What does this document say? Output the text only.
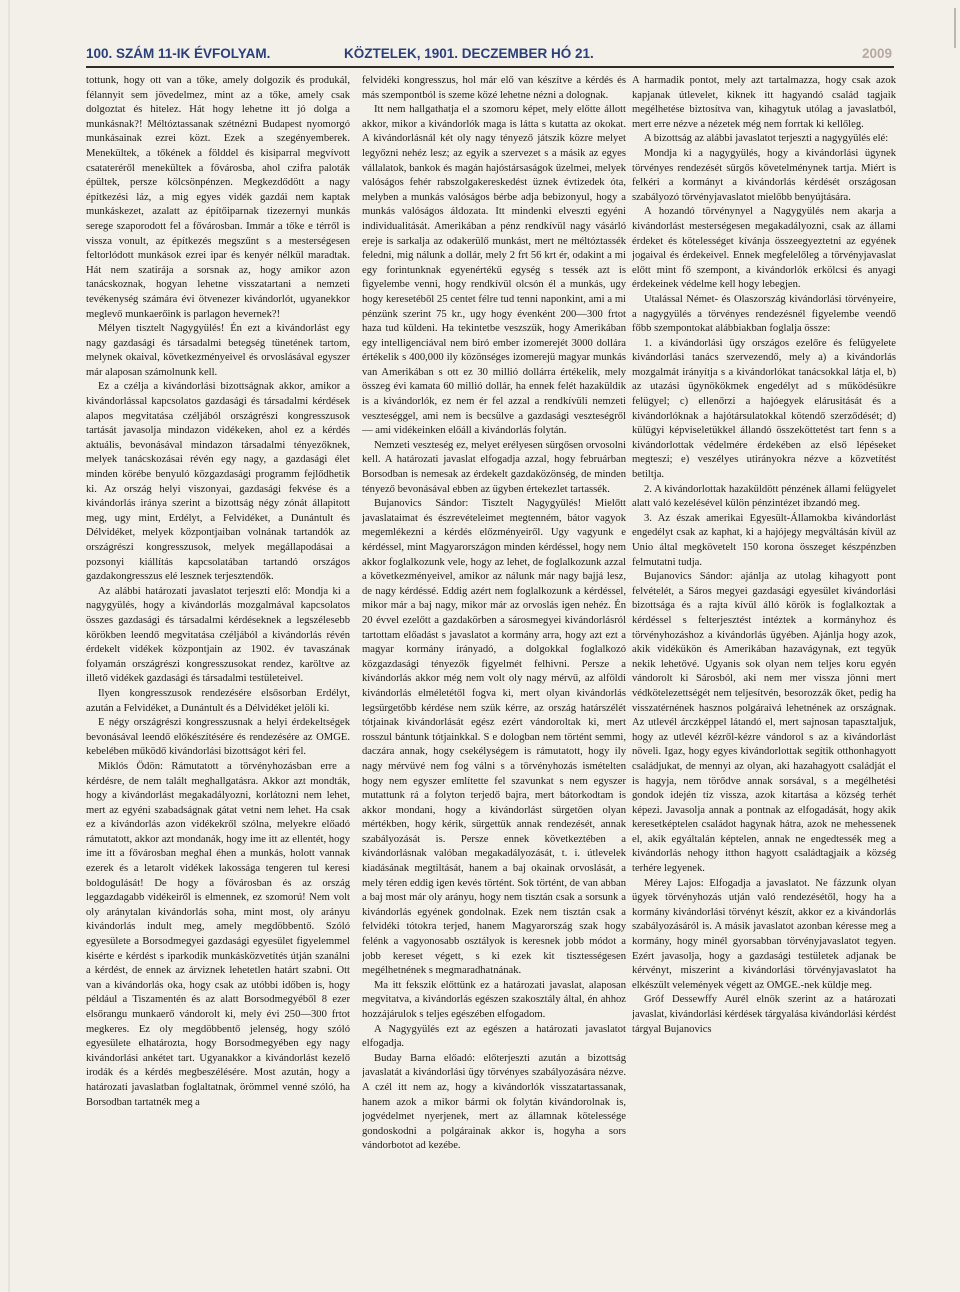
100. SZÁM 11-IK ÉVFOLYAM.	KÖZTELEK, 1901. DECZEMBER HÓ 21.	2009

tottunk, hogy ott van a tőke, amely dolgozik és produkál, félannyit sem jövedelmez, mint az a tőke, amely csak dolgoztat és hitelez. Hát hogy lehetne itt jó dolga a munkásnak?! Méltóztassanak szétnézni Budapest nyomorgó munkásainak ezrei közt. Ezek a szegényemberek. Menekültek, a tőkének a földdel és kisiparral megvívott csatateréről menekültek a fővárosba, ahol czifra paloták épültek, persze kölcsönpénzen. Megkezdődött a nagy építkezési láz, a mig egyes vidék gazdái nem kaptak munkáskezet, azalatt az építőiparnak tizezernyi munkás serege szaporodott fel a fővárosban. Immár a tőke e térről is vissza vonult, az építkezés megszűnt s a mesterségesen feltorlódott munkások ezrei ipar és kenyér nélkül maradtak. Hát nem szatirája a sorsnak az, hogy amikor azon tanácskoznak, hogyan lehetne visszatartani a nemzeti tevékenység számára évi ötvenezer kivándorlót, ugyanekkor meglevő munkaerőink is parlagon hevernek?!

Mélyen tisztelt Nagygyülés! Én ezt a kivándorlást egy nagy gazdasági és társadalmi betegség tünetének tartom, melynek okaival, következményeivel és orvoslásával egyszer már alaposan számolnunk kell.

Ez a czélja a kivándorlási bizottságnak akkor, amikor a kivándorlással kapcsolatos gazdasági és társadalmi kérdések alapos megvitatása czéljából országrészi kongresszusok tartását javasolja mindazon vidékeken, ahol ez a kérdés aktuális, bevonásával mindazon társadalmi tényezőknek, melyek tanácskozásai révén egy nagy, a gazdasági élet minden körébe benyuló közgazdasági programm fejlődhetik ki. Az ország helyi viszonyai, gazdasági fekvése és a kivándorlás iránya szerint a bizottság négy zónát állapitott meg, ugy mint, Erdélyt, a Felvidéket, a Dunántult és Délvidéket, melyek központjaiban volnának tartandók az országrészi kongresszusok, melyek megállapodásai a pozsonyi kiállítás kapcsolatában tartandó országos gazdakongresszus elé lesznek terjesztendők.

Az alábbi határozati javaslatot terjeszti elő: Mondja ki a nagygyülés, hogy a kivándorlás mozgalmával kapcsolatos összes gazdasági és társadalmi kérdéseknek a legszélesebb körökben leendő megvitatása czéljából a kivándorlás révén érdekelt vidékek központjain az 1902. év tavaszának folyamán országrészi kongresszusokat rendez, karöltve az illető vidékek gazdasági és társadalmi testületeivel.

Ilyen kongresszusok rendezésére elsősorban Erdélyt, azután a Felvidéket, a Dunántult és a Délvidéket jelöli ki.

E négy országrészi kongresszusnak a helyi érdekeltségek bevonásával leendő előkészítésére és rendezésére az OMGE. kebelében működő kivándorlási bizottságot kéri fel.

Miklós Ödön: Rámutatott a törvényhozásban erre a kérdésre, de nem talált meghallgatásra. Akkor azt mondták, hogy a kivándorlást megakadályozni, korlátozni nem lehet, mert az egyéni szabadságnak gátat vetni nem lehet. Ha csak ez a kivándorlás azon vidékekről szólna, melyekre előadó rámutatott, akkor azt mondanák, hogy ime itt az ellentét, hogy ime itt a fővárosban meghal éhen a munkás, holott vannak ezerek és a letarolt vidékek lakossága tengeren tul keresi boldogulását! De hogy a fővárosban és az ország leggazdagabb vidékeiről is elmennek, ez szomorú! Nem volt oly aránytalan kivándorlás soha, mint most, oly arányu kivándorlás indult meg, amely megdöbbentő. Szóló egyesülete a Borsodmegyei gazdasági egyesület figyelemmel kisérte e kérdést s iparkodik munkásközvetítés útján szanálni a kérdést, de ennek az árviznek lehetetlen határt szabni. Ott van a kivándorlás oka, hogy csak az utóbbi időben is, hogy például a Tiszamentén és az alatt Borsodmegyéből 8 ezer elsőrangu munkaerő vándorolt ki, mely évi 250—300 frtot megkeres. Ez oly megdöbbentő jelenség, hogy szóló egyesülete elhatározta, hogy Borsodmegyében egy nagy kivándorlási ankétet tart. Ugyanakkor a kivándorlást kezelő irodák és a kérdés megbeszélésére. Most azután, hogy a határozati javaslatban foglaltatnak, örömmel venné szóló, ha Borsodban tartatnék meg a

felvidéki kongresszus, hol már elő van készítve a kérdés és más szempontból is szeme közé lehetne nézni a dolognak.

Itt nem hallgathatja el a szomoru képet, mely előtte állott akkor, mikor a kivándorlók maga is látta s kutatta az okokat. A kivándorlásnál két oly nagy tényező játszik közre melyet legyőzni nehéz lesz; az egyik a szervezet s a másik az egyes vállalatok, bankok és magán hajóstársaságok üzelmei, melyek valóságos fehér rabszolgakereskedést üznek évtizedek óta, melyben a munkás valóságos bérbe adja bebizonyul, hogy a munkás valóságos áldozata. Itt mindenki elveszti egyéni individualitását. Amerikában a pénz rendkívül nagy vásárló ereje is sarkalja az odakerülő munkást, mert ne méltóztassék feledni, mig nálunk a dollár, mely 2 frt 56 krt ér, odakint a mi egy forintunknak egyenértékű egység s tessék azt is figyelembe venni, hogy rendkívül olcsón él a munkás, ugy hogy keresetéből 25 centet félre tud tenni naponkint, ami a mi pénzünk szerint 75 kr., ugy hogy évenként 200—300 frtot haza tud küldeni. Ha tekintetbe veszszük, hogy Amerikában egy intelligenciával nem biró ember izomerejét 3000 dollára értékelik s 400,000 ily közönséges izomerejü magyar munkás van Amerikában s ott ez 30 millió dollárra értékelik, mely összeg évi kamata 60 millió dollár, ha ennek felét hazaküldik is a kivándorlók, ez nem ér fel azzal a rendkívüli nemzeti veszteséggel, ami nem is becsülve a gazdasági veszteségről — ami vidékeinken előáll a kivándorlás folytán.

Nemzeti veszteség ez, melyet erélyesen sürgősen orvosolni kell. A határozati javaslat elfogadja azzal, hogy februárban Borsodban is nemesak az érdekelt gazdaközönség, de minden tényező bevonásával ebben az ügyben értekezlet tartassék.

Bujanovics Sándor: Tisztelt Nagygyülés! Mielőtt javaslataimat és észrevételeimet megtenném, bátor vagyok megemlékezni a kérdés előzményeiről. Ugy vagyunk e kérdéssel, mint Magyarországon minden kérdéssel, hogy nem akkor foglalkozunk vele, hogy az lehet, de foglalkozunk azzal a következményeivel, amikor az nálunk már nagy bajjá lesz, de nagy kérdéssé. Eddig azért nem foglalkozunk a kérdéssel, mikor már a baj nagy, mikor már az orvoslás igen nehéz. Én 20 évvel ezelőtt a gazdakörben a sárosmegyei kivándorlásról tartottam előadást s javaslatot a kormány arra, hogy azt ezt a magyar kormány irányadó, a dolgokkal foglalkozó közgazdasági tényezők figyelmét felhivni. Persze a kivándorlás akkor még nem volt oly nagy mérvű, az alföldi kivándorlás elméletétől fogva ki, mert olyan kivándorlás legsürgetőbb kérdése nem szük kérre, az ország határszélét tótjainak kivándorlását egész ezért vándoroltak ki, mert rosszul bántunk tótjainkkal. S e dologban nem történt semmi, daczára annak, hogy csekélységem is rámutatott, hogy ily nagy mérvüvé nem fog válni s a törvényhozás ismételten hogy nem egyszer említette fel szavunkat s nem egyszer mutattunk rá a folyton terjedő bajra, mert bátorkodtam is akkor mondani, hogy a kivándorlást sürgetően olyan mértékben, hogy kérik, sürgettük annak rendezését, annak szabályozását is. Persze ennek következtében a kivándorlásnak valóban megakadályozását, t. i. útlevelek kiadásának megtiltását, hanem a baj okainak orvoslását, a mely téren eddig igen kevés történt. Sok történt, de van abban a baj most már oly arányu, hogy nem tisztán csak a sorsunk a kivándorlás egyének gondolnak. Ezek nem tisztán csak a felvidéki tótokra terjed, hanem Magyarország szak hogy felénk a vagyonosabb osztályok is keresnek jobb módot a jobb kereset végett, s ki ezek kit tisztességesen megélhetnének s megmaradhatnának.

Ma itt fekszik előttünk ez a határozati javaslat, alaposan megvitatva, a kivándorlás egészen szakosztály által, én ahhoz hozzájárulok s teljes egészében elfogadom.

A Nagygyülés ezt az egészen a határozati javaslatot elfogadja.

Buday Barna előadó: előterjeszti azután a bizottság javaslatát a kivándorlási ügy törvényes szabályozására nézve. A czél itt nem az, hogy a kivándorlók visszatartassanak, hanem azok a mikor bármi ok folytán kivándorolnak is, jogvédelmet nyerjenek, mert az államnak kötelessége gondoskodni a polgárainak akkor is, hogyha a sors vándorbotot ad kezébe.

A harmadik pontot, mely azt tartalmazza, hogy csak azok kapjanak útlevelet, kiknek itt hagyandó család tagjaik megélhetése biztosítva van, kihagytuk utólag a javaslatból, mert erre nézve a nézetek még nem forrtak ki kellőleg.

A bizottság az alábbi javaslatot terjeszti a nagygyülés elé:

Mondja ki a nagygyülés, hogy a kivándorlási ügynek törvényes rendezését sürgős követelménynek tartja. Miért is felkéri a kormányt a kivándorlás kérdését országosan szabályozó törvényjavaslatot mielőbb benyújtására.

A hozandó törvénynyel a Nagygyülés nem akarja a kivándorlást mesterségesen megakadályozni, csak az állami érdeket és kötelességet kívánja összeegyeztetni az egyének jogaival és érdekeivel. Ennek megfelelőleg a törvényjavaslat előtt mint fő szempont, a kivándorlók erkölcsi és anyagi érdekeinek védelme kell hogy lebegjen.

Utalással Német- és Olaszország kivándorlási törvényeire, a nagygyülés a törvényes rendezésnél figyelembe veendő főbb szempontokat alábbiakban foglalja össze:

1. a kivándorlási ügy országos ezelőre és felügyelete kivándorlási tanács szervezendő, mely a) a kivándorlás mozgalmát irányítja s a kivándorlókat tanácsokkal látja el, b) az utazási ügynökökmek engedélyt ad s működésükre felügyel; c) ellenőrzi a hajóegyek elárusitását és a kivándorlóknak a hajótársulatokkal kötendő szerződését; d) külügyi képviseletükkel állandó összeköttetést tart fenn s a kivándorlottak védelmére érdekében az első lépéseket megteszi; e) veszélyes utirányokra nézve a közvetítést betiltja.

2. A kivándorlottak hazaküldött pénzének állami felügyelet alatt való kezelésével külön pénzintézet ibzandó meg.

3. Az észak amerikai Egyesült-Államokba kivándorlást engedélyt csak az kaphat, ki a hajójegy megváltásán kívül az Unio által megkövetelt 150 korona összeget készpénzben felmutatni tudja.

Bujanovics Sándor: ajánlja az utolag kihagyott pont felvételét, a Sáros megyei gazdasági egyesület kivándorlási bizottsága és a rajta kívül álló körök is foglalkoztak a kérdéssel s felterjesztést intéztek a kormányhoz és törvényhozáshoz a kivándorlás ügyében. Ajánlja hogy azok, akik vidékükön és Amerikában hazavágynak, ezt tegyük nekik lehetővé. Ugyanis sok olyan nem teljes koru egyén vándorolt ki Sárosból, aki nem mer vissza jönni mert védkötelezettségét nem teljesítvén, besorozzák őket, pedig ha visszatérnének hasznos polgáraivá lehetnének az országnak. Az utlevél árczképpel látandó el, mert sajnosan tapasztaljuk, hogy az utlevél kézről-kézre vándorol s az a kivándorlást növeli. Igaz, hogy egyes kivándorlottak segítik otthonhagyott családjukat, de mennyi az olyan, aki hazahagyott családját el is hagyja, nem törődve annak sorsával, s a megélhetési gondok idején tíz vissza, azok kitartása a község terhét képezi. Javasolja annak a pontnak az elfogadását, hogy akik keresetképtelen családot hagynak hátra, azok ne mehessenek el, akik egyáltalán képtelen, annak ne engedtessék meg a kivándorlás nehogy itthon hagyott családtagjaik a község terhére legyenek.

Mérey Lajos: Elfogadja a javaslatot. Ne fázzunk olyan ügyek törvényhozás utján való rendezésétől, hogy ha a kormány kivándorlási törvényt készít, akkor ez a kivándorlás szabályozásáról is. A másik javaslatot azonban kéresse meg a kormány, hogy minél gyorsabban törvényjavaslatot tegyen. Ezért javasolja, hogy a gazdasági testületek adjanak be kérvényt, miszerint a kivándorlási törvényjavaslatot ha elkészült velemények végett az OMGE.-nek küldje meg.

Gróf Dessewffy Aurél elnök szerint az a határozati javaslat, kivándorlási kérdések tárgyalása kivándorlási kérdést tárgyal Bujanovics
